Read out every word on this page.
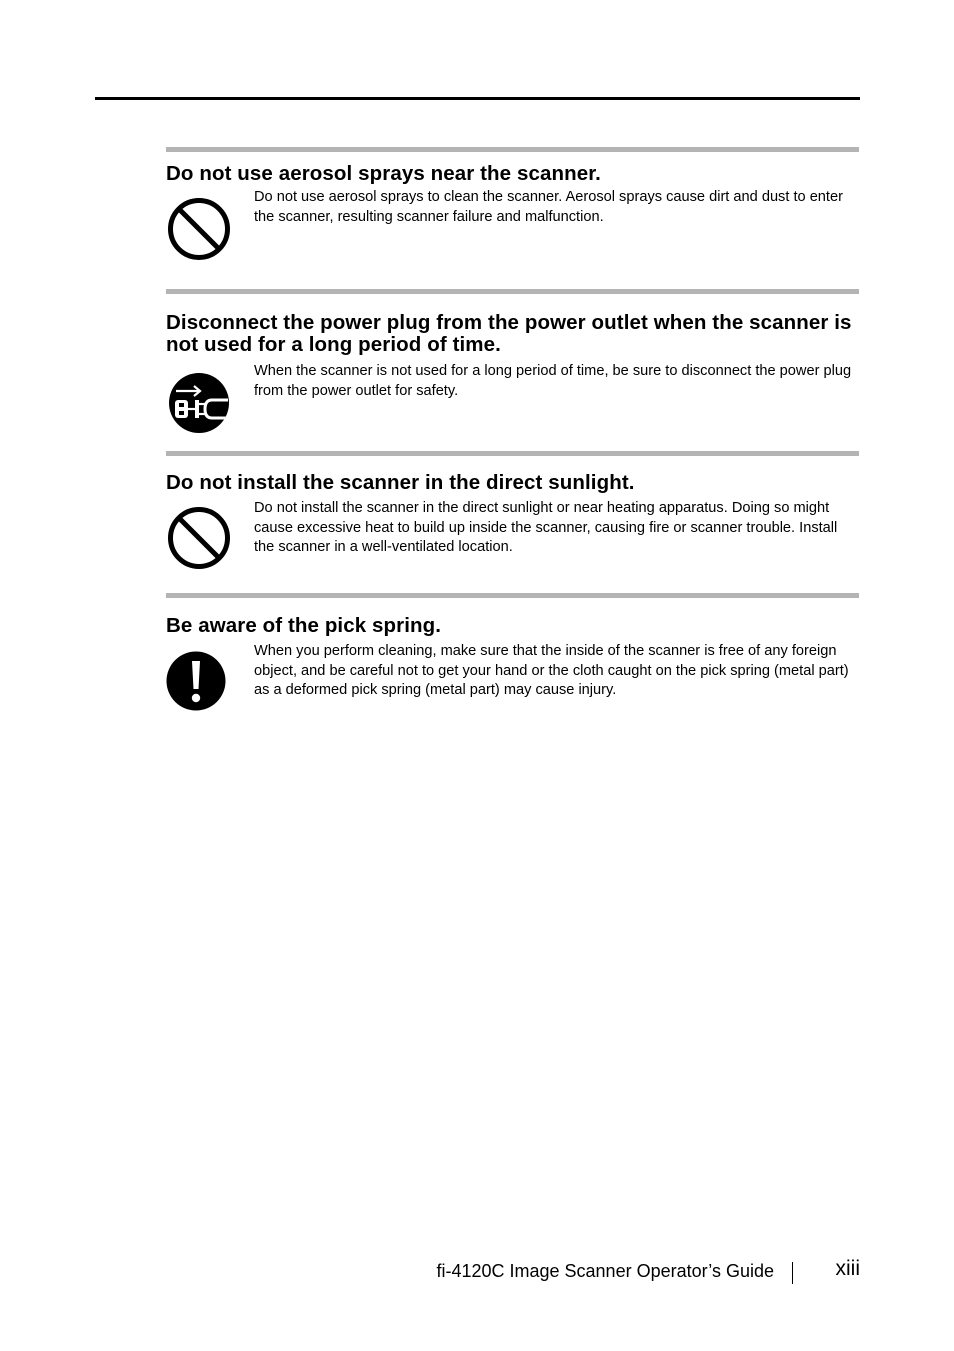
Do not use aerosol sprays near the scanner.

Do not use aerosol sprays to clean the scanner. Aerosol sprays cause dirt and dust to enter the scanner, resulting scanner failure and malfunction.

Disconnect the power plug from the power outlet when the scanner is not used for a long period of time.

When the scanner is not used for a long period of time, be sure to disconnect the power plug from the power outlet for safety.

Do not install the scanner in the direct sunlight.

Do not install the scanner in the direct sunlight or near heating apparatus. Doing so might cause excessive heat to build up inside the scanner, causing fire or scanner trouble. Install the scanner in a well-ventilated location.

Be aware of the pick spring.

When you perform cleaning, make sure that the inside of the scanner is free of any foreign object, and be careful not to get your hand or the cloth caught on the pick spring (metal part) as a deformed pick spring (metal part) may cause injury.

fi-4120C Image Scanner Operator’s Guide	xiii
